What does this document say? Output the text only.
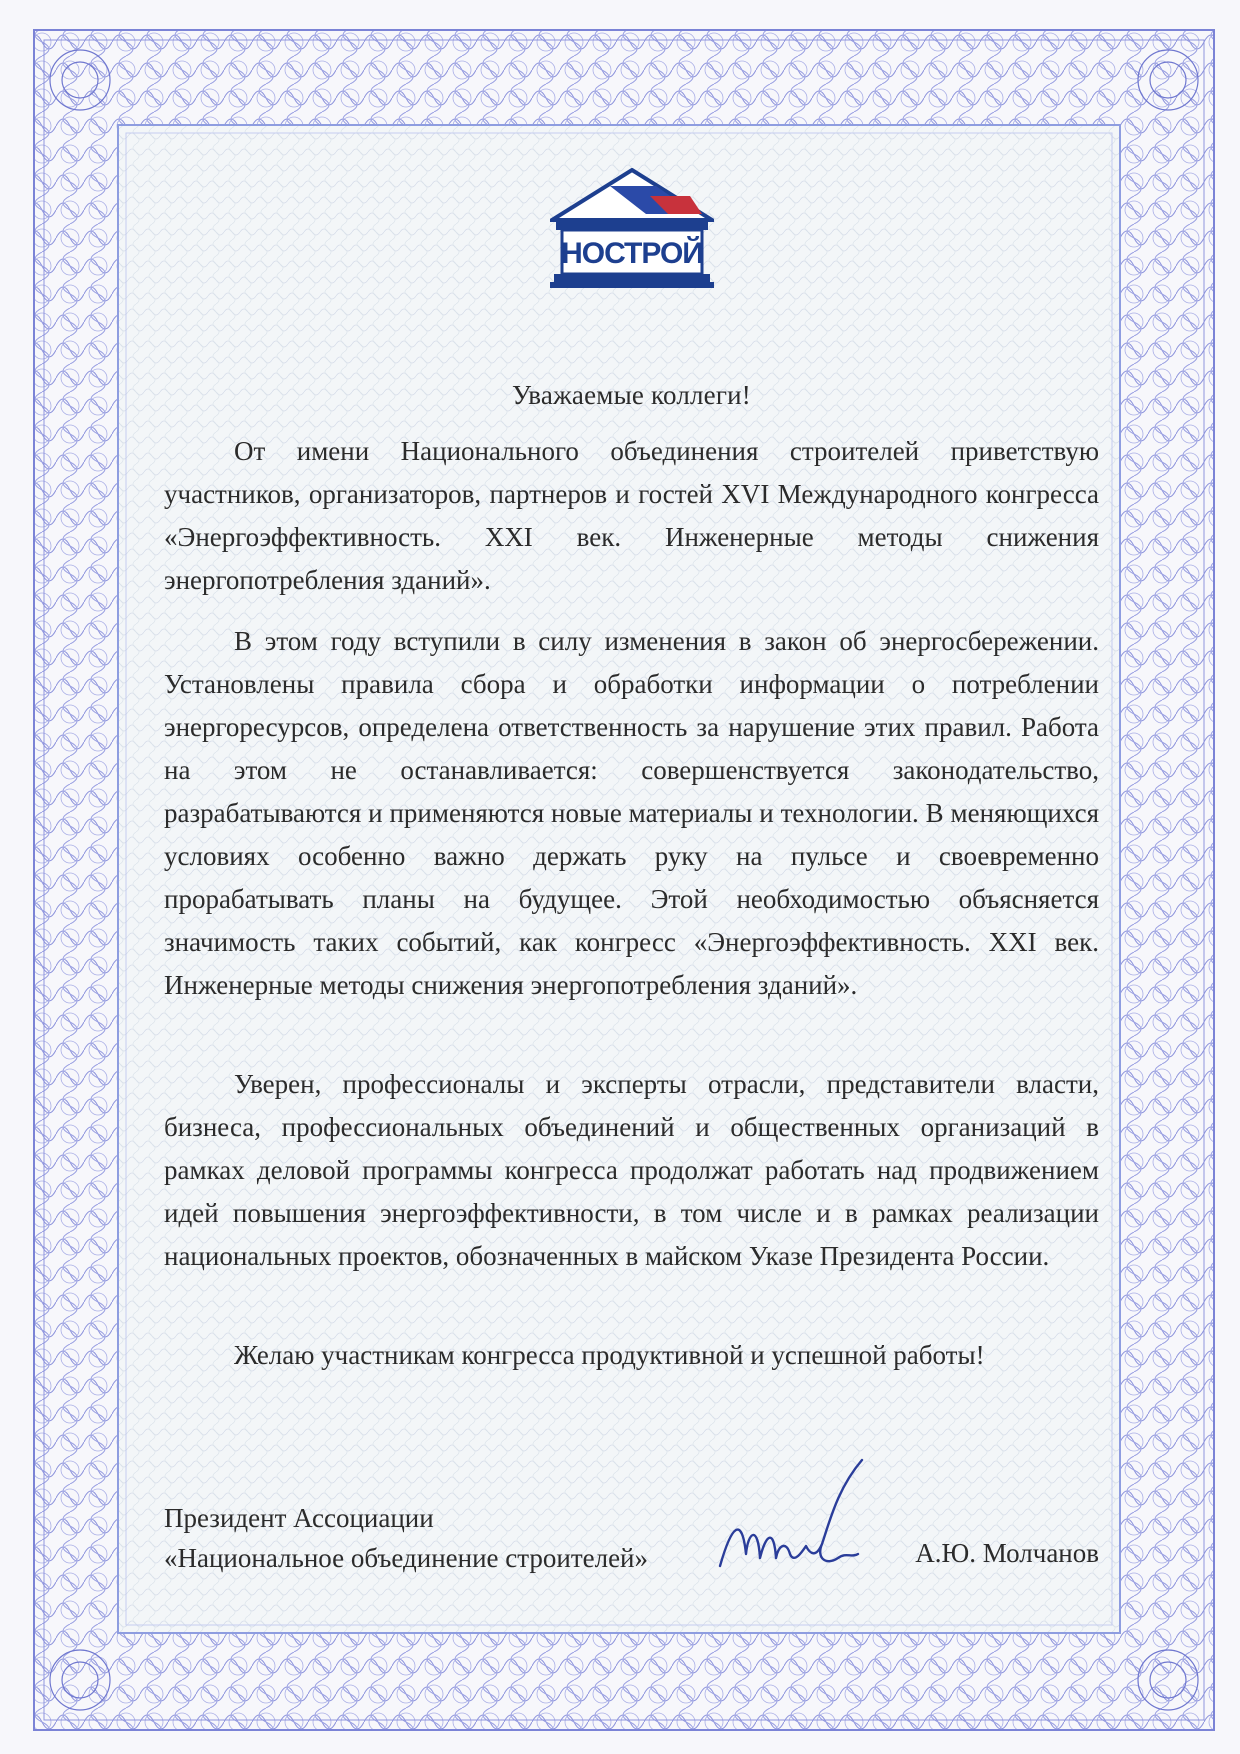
НОСТРОЙ
Уважаемые коллеги!

От имени Национального объединения строителей приветствую участников, организаторов, партнеров и гостей XVI Международного конгресса «Энергоэффективность. XXI век. Инженерные методы снижения энергопотребления зданий».

В этом году вступили в силу изменения в закон об энергосбережении. Установлены правила сбора и обработки информации о потреблении энергоресурсов, определена ответственность за нарушение этих правил. Работа на этом не останавливается: совершенствуется законодательство, разрабатываются и применяются новые материалы и технологии. В меняющихся условиях особенно важно держать руку на пульсе и своевременно прорабатывать планы на будущее. Этой необходимостью объясняется значимость таких событий, как конгресс «Энергоэффективность. XXI век. Инженерные методы снижения энергопотребления зданий».

Уверен, профессионалы и эксперты отрасли, представители власти, бизнеса, профессиональных объединений и общественных организаций в рамках деловой программы конгресса продолжат работать над продвижением идей повышения энергоэффективности, в том числе и в рамках реализации национальных проектов, обозначенных в майском Указе Президента России.

Желаю участникам конгресса продуктивной и успешной работы!

Президент Ассоциации
«Национальное объединение строителей»	А.Ю. Молчанов
